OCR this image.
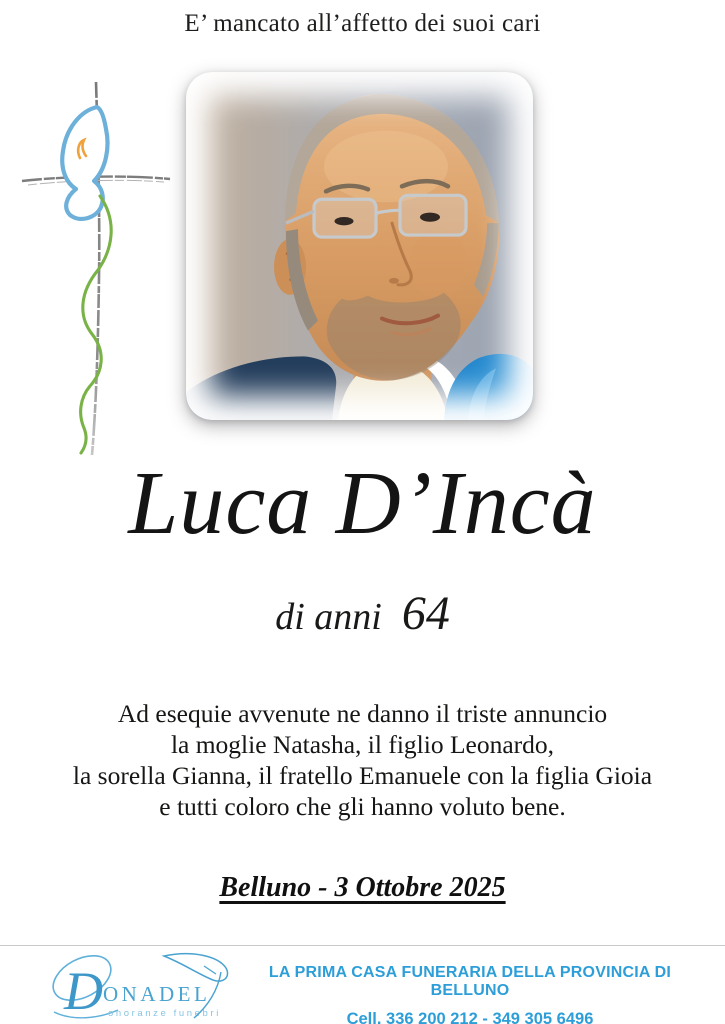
E’ mancato all’affetto dei suoi cari
Luca D’Incà
di anni 64
Ad esequie avvenute ne danno il triste annuncio
la moglie Natasha, il figlio Leonardo,
la sorella Gianna, il fratello Emanuele con la figlia Gioia
e tutti coloro che gli hanno voluto bene.
Belluno - 3 Ottobre 2025
D ONADEL
onoranze funebri
LA PRIMA CASA FUNERARIA DELLA PROVINCIA DI BELLUNO
Cell. 336 200 212 - 349 305 6496
